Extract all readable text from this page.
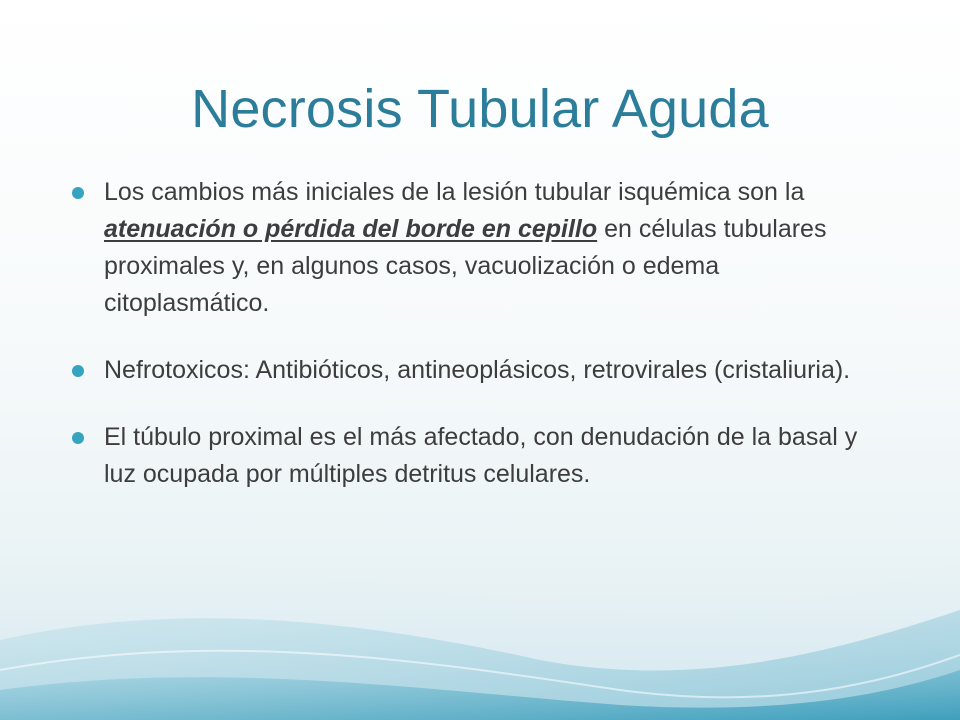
Necrosis Tubular Aguda

Los cambios más iniciales de la lesión tubular isquémica son la atenuación o pérdida del borde en cepillo en células tubulares proximales y, en algunos casos, vacuolización o edema citoplasmático.

Nefrotoxicos: Antibióticos, antineoplásicos, retrovirales (cristaliuria).

El túbulo proximal es el más afectado, con denudación de la basal y luz ocupada por múltiples detritus celulares.
